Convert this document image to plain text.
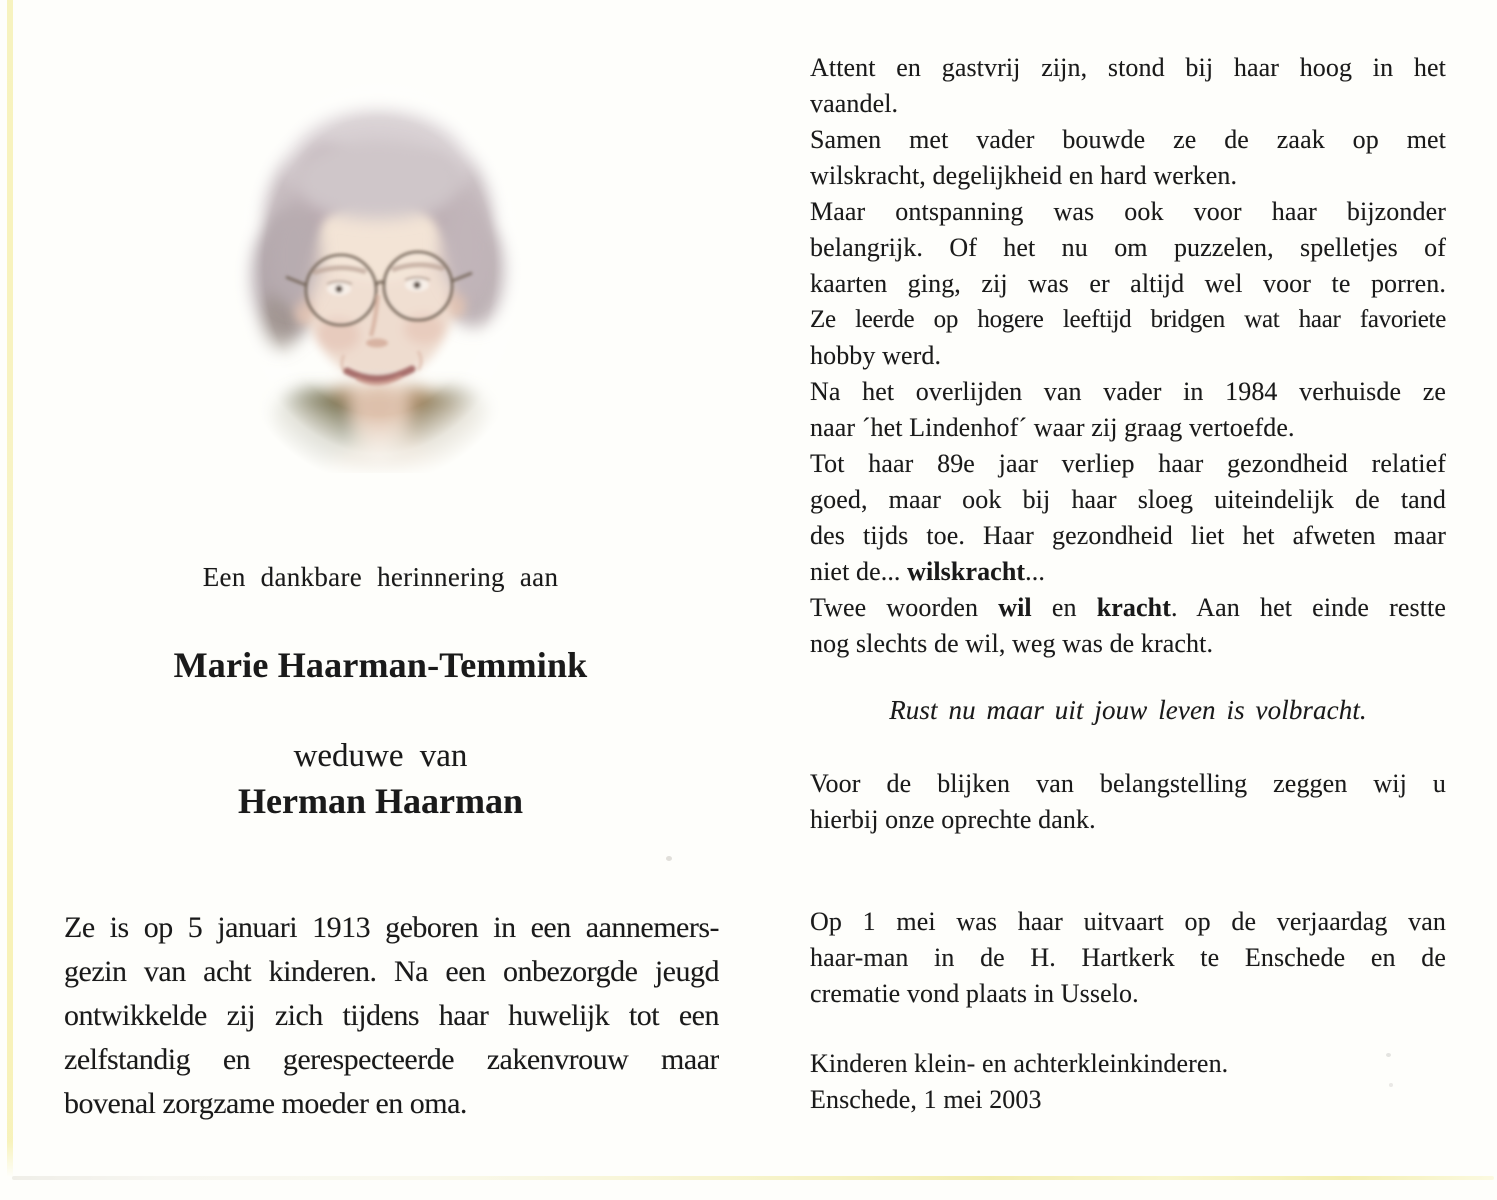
Een dankbare herinnering aan
Marie Haarman-Temmink
weduwe van
Herman Haarman
Ze is op 5 januari 1913 geboren in een aannemers-
gezin van acht kinderen. Na een onbezorgde jeugd
ontwikkelde zij zich tijdens haar huwelijk tot een
zelfstandig en gerespecteerde zakenvrouw maar
bovenal zorgzame moeder en oma.
Attent en gastvrij zijn, stond bij haar hoog in het
vaandel.
Samen met vader bouwde ze de zaak op met
wilskracht, degelijkheid en hard werken.
Maar ontspanning was ook voor haar bijzonder
belangrijk. Of het nu om puzzelen, spelletjes of
kaarten ging, zij was er altijd wel voor te porren.
Ze leerde op hogere leeftijd bridgen wat haar favoriete
hobby werd.
Na het overlijden van vader in 1984 verhuisde ze
naar ´het Lindenhof´ waar zij graag vertoefde.
Tot haar 89e jaar verliep haar gezondheid relatief
goed, maar ook bij haar sloeg uiteindelijk de tand
des tijds toe. Haar gezondheid liet het afweten maar
niet de... wilskracht...
Twee woorden wil en kracht. Aan het einde restte
nog slechts de wil, weg was de kracht.
Rust nu maar uit jouw leven is volbracht.
Voor de blijken van belangstelling zeggen wij u
hierbij onze oprechte dank.
Op 1 mei was haar uitvaart op de verjaardag van
haar-man in de H. Hartkerk te Enschede en de
crematie vond plaats in Usselo.
Kinderen klein- en achterkleinkinderen.
Enschede, 1 mei 2003
